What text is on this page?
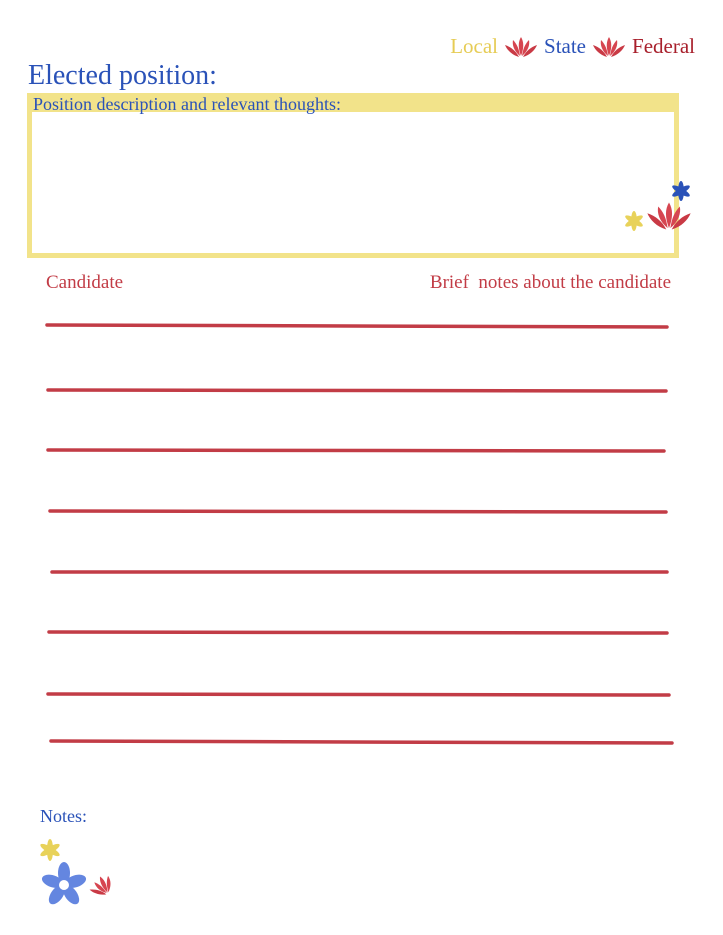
Local State Federal
Elected position:
Position description and relevant thoughts:
Candidate	Brief  notes about the candidate
Notes:
